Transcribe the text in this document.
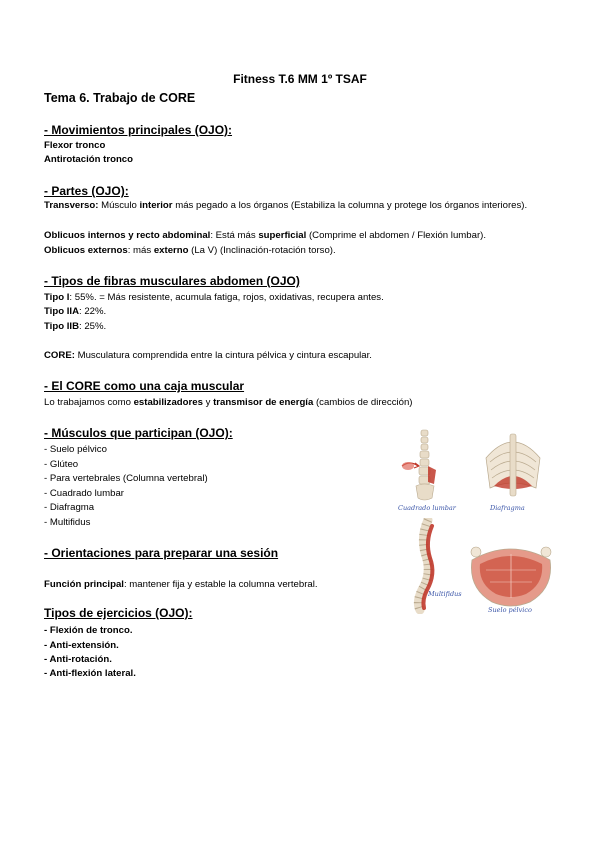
Fitness T.6 MM 1º TSAF
Tema 6. Trabajo de CORE
- Movimientos principales (OJO):
Flexor tronco
Antirotación tronco
- Partes (OJO):
Transverso: Músculo interior más pegado a los órganos (Estabiliza la columna y protege los órganos interiores).
Oblicuos internos y recto abdominal: Está más superficial (Comprime el abdomen / Flexión lumbar).
Oblicuos externos: más externo (La V) (Inclinación-rotación torso).
- Tipos de fibras musculares abdomen (OJO)
Tipo I: 55%. = Más resistente, acumula fatiga, rojos, oxidativas, recupera antes.
Tipo IIA: 22%.
Tipo IIB: 25%.
CORE: Musculatura comprendida entre la cintura pélvica y cintura escapular.
- El CORE como una caja muscular
Lo trabajamos como estabilizadores y transmisor de energía (cambios de dirección)
- Músculos que participan (OJO):
- Suelo pélvico
- Glúteo
- Para vertebrales (Columna vertebral)
- Cuadrado lumbar
- Diafragma
- Multifidus
- Orientaciones para preparar una sesión
Función principal: mantener fija y estable la columna vertebral.
Tipos de ejercicios (OJO):
- Flexión de tronco.
- Anti-extensión.
- Anti-rotación.
- Anti-flexión lateral.
Cuadrado lumbar	Diafragma
Multifidus
Suelo pélvico
